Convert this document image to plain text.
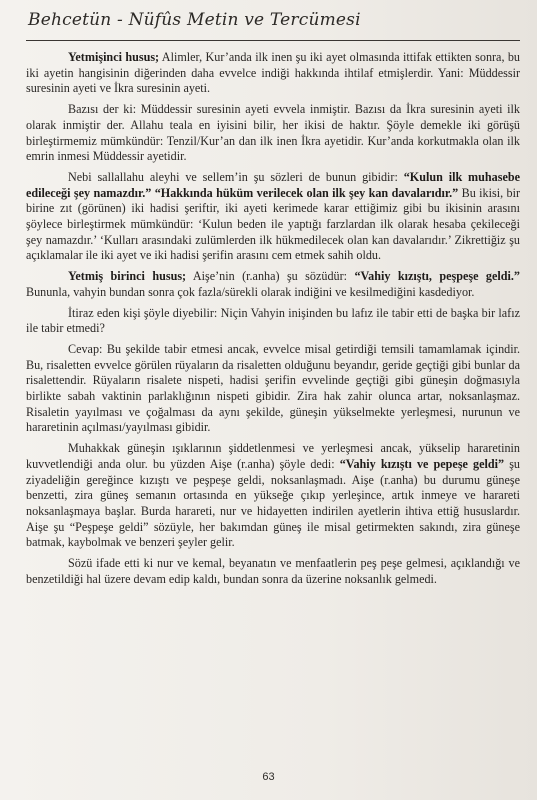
Behcetün - Nüfûs Metin ve Tercümesi

Yetmişinci husus; Alimler, Kur’anda ilk inen şu iki ayet olmasında ittifak ettikten sonra, bu iki ayetin hangisinin diğerinden daha evvelce indiği hakkında ihtilaf etmişlerdir. Yani: Müddessir suresinin ayeti ve İkra suresinin ayeti.

Bazısı der ki: Müddessir suresinin ayeti evvela inmiştir. Bazısı da İkra suresinin ayeti ilk olarak inmiştir der. Allahu teala en iyisini bilir, her ikisi de haktır. Şöyle demekle iki görüşü birleştirmemiz mümkündür: Tenzil/Kur’an dan ilk inen İkra ayetidir. Kur’anda korkutmakla olan ilk emrin inmesi Müddessir ayetidir.

Nebi sallallahu aleyhi ve sellem’in şu sözleri de bunun gibidir: “Kulun ilk muhasebe edileceği şey namazdır.” “Hakkında hüküm verilecek olan ilk şey kan davalarıdır.” Bu ikisi, bir birine zıt (görünen) iki hadisi şeriftir, iki ayeti kerimede karar ettiğimiz gibi bu ikisinin arasını şöylece birleştirmek mümkündür: ‘Kulun beden ile yaptığı farzlardan ilk olarak hesaba çekileceği şey namazdır.’ ‘Kulları arasındaki zulümlerden ilk hükmedilecek olan kan davalarıdır.’ Zikrettiğiz şu açıklamalar ile iki ayet ve iki hadisi şerifin arasını cem etmek sahih oldu.

Yetmiş birinci husus; Aişe’nin (r.anha) şu sözüdür: “Vahiy kızıştı, peşpeşe geldi.” Bununla, vahyin bundan sonra çok fazla/sürekli olarak indiğini ve kesilmediğini kasdediyor.

İtiraz eden kişi şöyle diyebilir: Niçin Vahyin inişinden bu lafız ile tabir etti de başka bir lafız ile tabir etmedi?

Cevap: Bu şekilde tabir etmesi ancak, evvelce misal getirdiği temsili tamamlamak içindir. Bu, risaletten evvelce görülen rüyaların da risaletten olduğunu beyandır, geride geçtiği gibi bunlar da risalettendir. Rüyaların risalete nispeti, hadisi şerifin evvelinde geçtiği gibi güneşin doğmasıyla birlikte sabah vaktinin parlaklığının nispeti gibidir. Zira hak zahir olunca artar, noksanlaşmaz. Risaletin yayılması ve çoğalması da aynı şekilde, güneşin yükselmekte yerleşmesi, nurunun ve hararetinin açılması/yayılması gibidir.

Muhakkak güneşin ışıklarının şiddetlenmesi ve yerleşmesi ancak, yükselip hararetinin kuvvetlendiği anda olur. bu yüzden Aişe (r.anha) şöyle dedi: “Vahiy kızıştı ve pepeşe geldi” şu ziyadeliğin gereğince kızıştı ve peşpeşe geldi, noksanlaşmadı. Aişe (r.anha) bu durumu güneşe benzetti, zira güneş semanın ortasında en yükseğe çıkıp yerleşince, artık inmeye ve harareti noksanlaşmaya başlar. Burda harareti, nur ve hidayetten indirilen ayetlerin ihtiva ettiğ hususlardır. Aişe şu “Peşpeşe geldi” sözüyle, her bakımdan güneş ile misal getirmekten sakındı, zira güneşe batmak, kaybolmak ve benzeri şeyler gelir.

Sözü ifade etti ki nur ve kemal, beyanatın ve menfaatlerin peş peşe gelmesi, açıklandığı ve benzetildiği hal üzere devam edip kaldı, bundan sonra da üzerine noksanlık gelmedi.

63
